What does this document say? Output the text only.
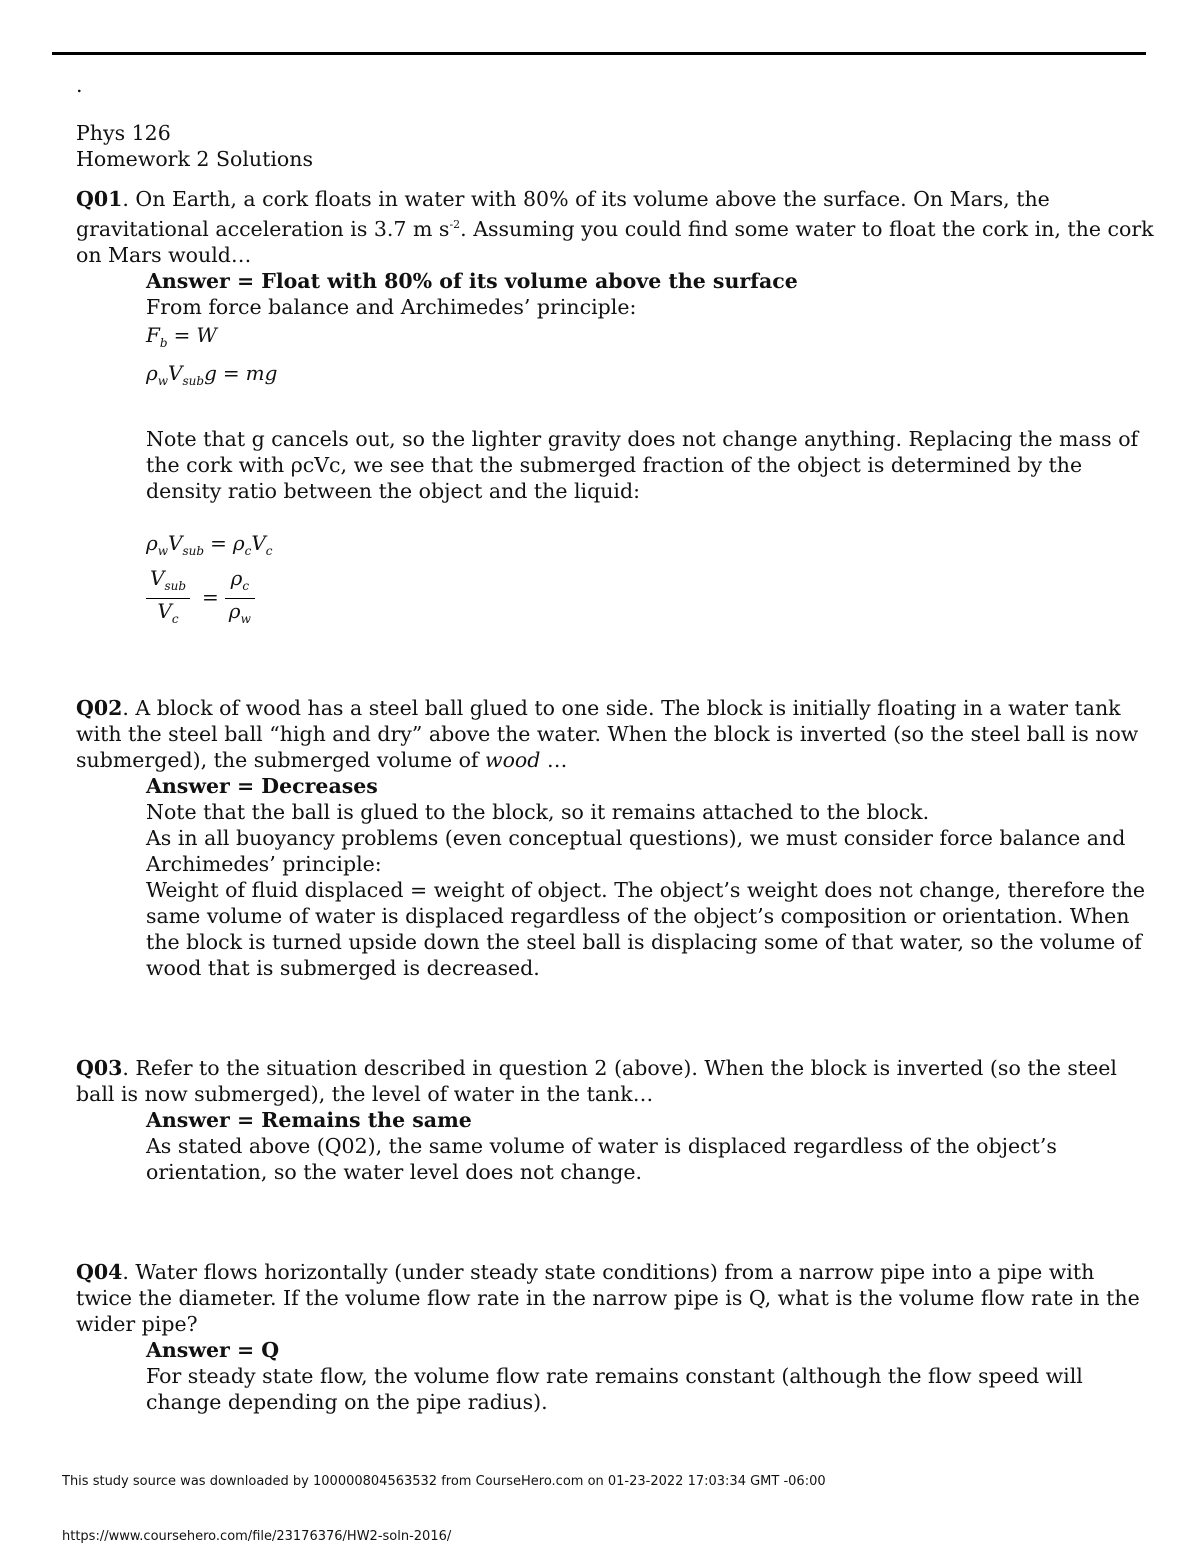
.

Phys 126

Homework 2 Solutions

Q01. On Earth, a cork floats in water with 80% of its volume above the surface. On Mars, the gravitational acceleration is 3.7 m $s^{-2}$. Assuming you could find some water to float the cork in, the cork on Mars would…

Answer = Float with 80% of its volume above the surface

From force balance and Archimedes’ principle:

$F_b = W$
$\rho_wV_{sub}g$ = mg

Note that g cancels out, so the lighter gravity does not change anything. Replacing the mass of the cork with ρcVc, we see that the submerged fraction of the object is determined by the density ratio between the object and the liquid:

$\rho_wV_{sub} = \rho_cV_c$
$\frac{V_{sub}}{V_c} = \frac{\rho_c}{\rho_w}$

Q02. A block of wood has a steel ball glued to one side. The block is initially floating in a water tank with the steel ball “high and dry” above the water. When the block is inverted (so the steel ball is now submerged), the submerged volume of wood …

Answer = Decreases

Note that the ball is glued to the block, so it remains attached to the block.

As in all buoyancy problems (even conceptual questions), we must consider force balance and Archimedes’ principle:

Weight of fluid displaced = weight of object. The object’s weight does not change, therefore the same volume of water is displaced regardless of the object’s composition or orientation. When the block is turned upside down the steel ball is displacing some of that water, so the volume of wood that is submerged is decreased.

Q03. Refer to the situation described in question 2 (above). When the block is inverted (so the steel ball is now submerged), the level of water in the tank…

Answer = Remains the same

As stated above (Q02), the same volume of water is displaced regardless of the object’s orientation, so the water level does not change.

Q04. Water flows horizontally (under steady state conditions) from a narrow pipe into a pipe with twice the diameter. If the volume flow rate in the narrow pipe is Q, what is the volume flow rate in the wider pipe?

Answer = Q

For steady state flow, the volume flow rate remains constant (although the flow speed will change depending on the pipe radius).

This study source was downloaded by 100000804563532 from CourseHero.com on 01-23-2022 17:03:34 GMT -06:00
https://www.coursehero.com/file/23176376/HW2-soln-2016/
